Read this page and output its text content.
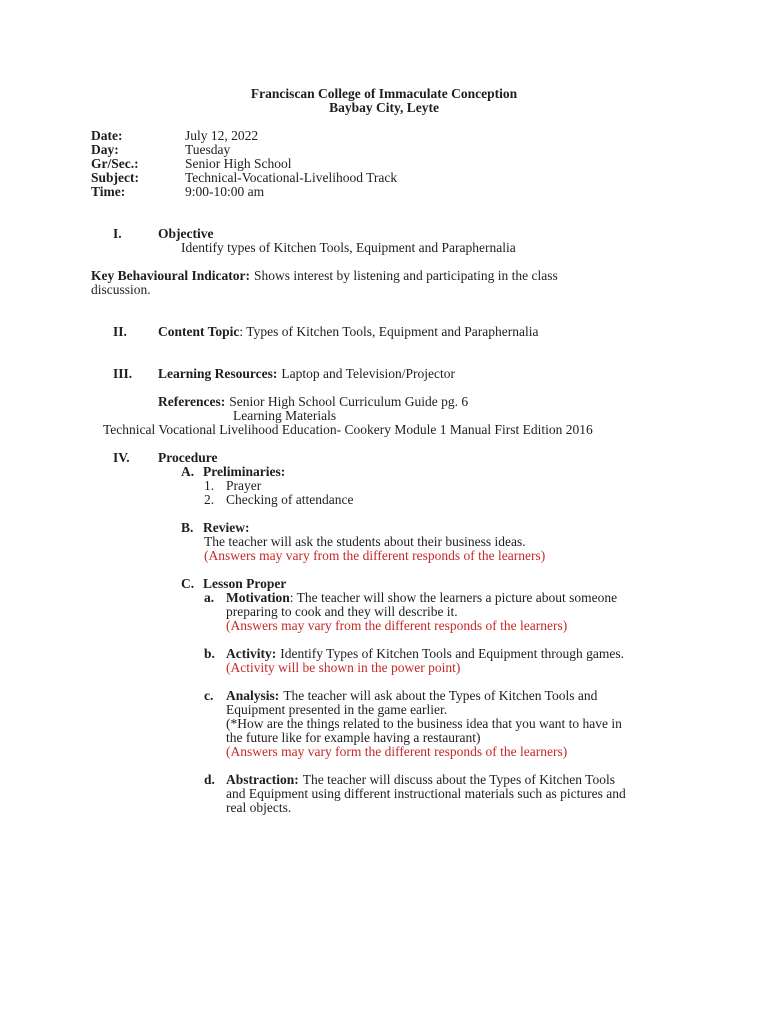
Franciscan College of Immaculate Conception
Baybay City, Leyte

Date:

	July 12, 2022

Day:

	Tuesday

Gr/Sec.:

	Senior High School

Subject:

	Technical-Vocational-Livelihood Track

Time:

	9:00-10:00 am

I.

	Objective

Identify types of Kitchen Tools, Equipment and Paraphernalia

Key Behavioural Indicator: Shows interest by listening and participating in the class

discussion.

II.

Content Topic: Types of Kitchen Tools, Equipment and Paraphernalia

III.

Learning Resources: Laptop and Television/Projector

References: Senior High School Curriculum Guide pg. 6

Learning Materials

Technical Vocational Livelihood Education- Cookery Module 1 Manual First Edition 2016

IV.

Procedure

A.

Preliminaries:

1.

Prayer

2.

Checking of attendance

B.

Review:

The teacher will ask the students about their business ideas.

(Answers may vary from the different responds of the learners)

C.

Lesson Proper

a.

Motivation: The teacher will show the learners a picture about someone

preparing to cook and they will describe it.

(Answers may vary from the different responds of the learners)

b.

Activity: Identify Types of Kitchen Tools and Equipment through games.

(Activity will be shown in the power point)

c.

Analysis: The teacher will ask about the Types of Kitchen Tools and

Equipment presented in the game earlier.

(*How are the things related to the business idea that you want to have in

the future like for example having a restaurant)

(Answers may vary form the different responds of the learners)

d.

Abstraction: The teacher will discuss about the Types of Kitchen Tools

and Equipment using different instructional materials such as pictures and

real objects.
